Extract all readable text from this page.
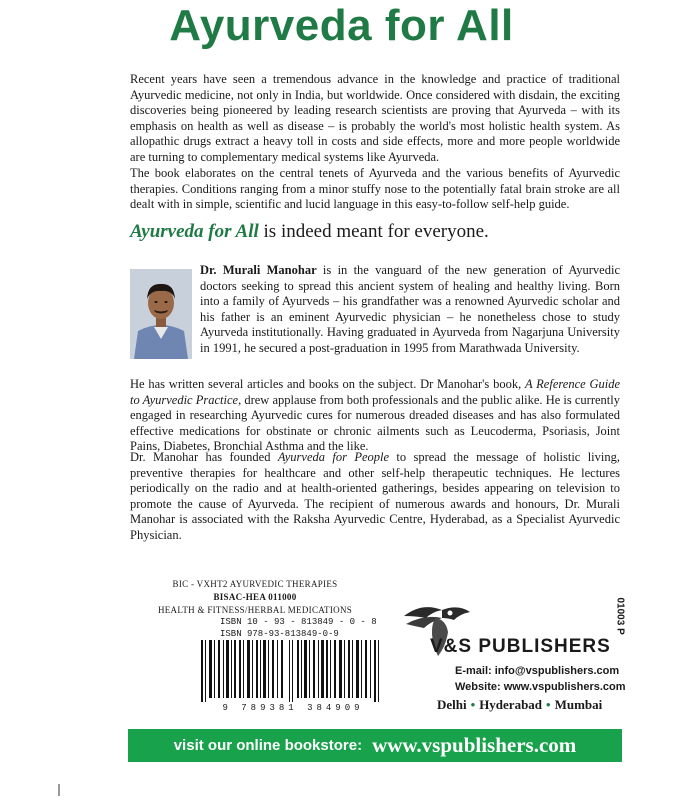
Ayurveda for All
Recent years have seen a tremendous advance in the knowledge and practice of traditional Ayurvedic medicine, not only in India, but worldwide. Once considered with disdain, the exciting discoveries being pioneered by leading research scientists are proving that Ayurveda – with its emphasis on health as well as disease – is probably the world's most holistic health system. As allopathic drugs extract a heavy toll in costs and side effects, more and more people worldwide are turning to complementary medical systems like Ayurveda.
The book elaborates on the central tenets of Ayurveda and the various benefits of Ayurvedic therapies. Conditions ranging from a minor stuffy nose to the potentially fatal brain stroke are all dealt with in simple, scientific and lucid language in this easy-to-follow self-help guide.
Ayurveda for All is indeed meant for everyone.
Dr. Murali Manohar is in the vanguard of the new generation of Ayurvedic doctors seeking to spread this ancient system of healing and healthy living. Born into a family of Ayurveds – his grandfather was a renowned Ayurvedic scholar and his father is an eminent Ayurvedic physician – he nonetheless chose to study Ayurveda institutionally. Having graduated in Ayurveda from Nagarjuna University in 1991, he secured a post-graduation in 1995 from Marathwada University.
He has written several articles and books on the subject. Dr Manohar's book, A Reference Guide to Ayurvedic Practice, drew applause from both professionals and the public alike. He is currently engaged in researching Ayurvedic cures for numerous dreaded diseases and has also formulated effective medications for obstinate or chronic ailments such as Leucoderma, Psoriasis, Joint Pains, Diabetes, Bronchial Asthma and the like.
Dr. Manohar has founded Ayurveda for People to spread the message of holistic living, preventive therapies for healthcare and other self-help therapeutic techniques. He lectures periodically on the radio and at health-oriented gatherings, besides appearing on television to promote the cause of Ayurveda. The recipient of numerous awards and honours, Dr. Murali Manohar is associated with the Raksha Ayurvedic Centre, Hyderabad, as a Specialist Ayurvedic Physician.
BIC - VXHT2 AYURVEDIC THERAPIES
BISAC-HEA 011000
HEALTH & FITNESS/HERBAL MEDICATIONS
ISBN 10 - 93 - 813849 - 0 - 8
ISBN 978-93-813849-0-9
9 789381 384909
V&S PUBLISHERS
E-mail: info@vspublishers.com
Website: www.vspublishers.com
Delhi • Hyderabad • Mumbai
01003 P
visit our online bookstore: www.vspublishers.com
